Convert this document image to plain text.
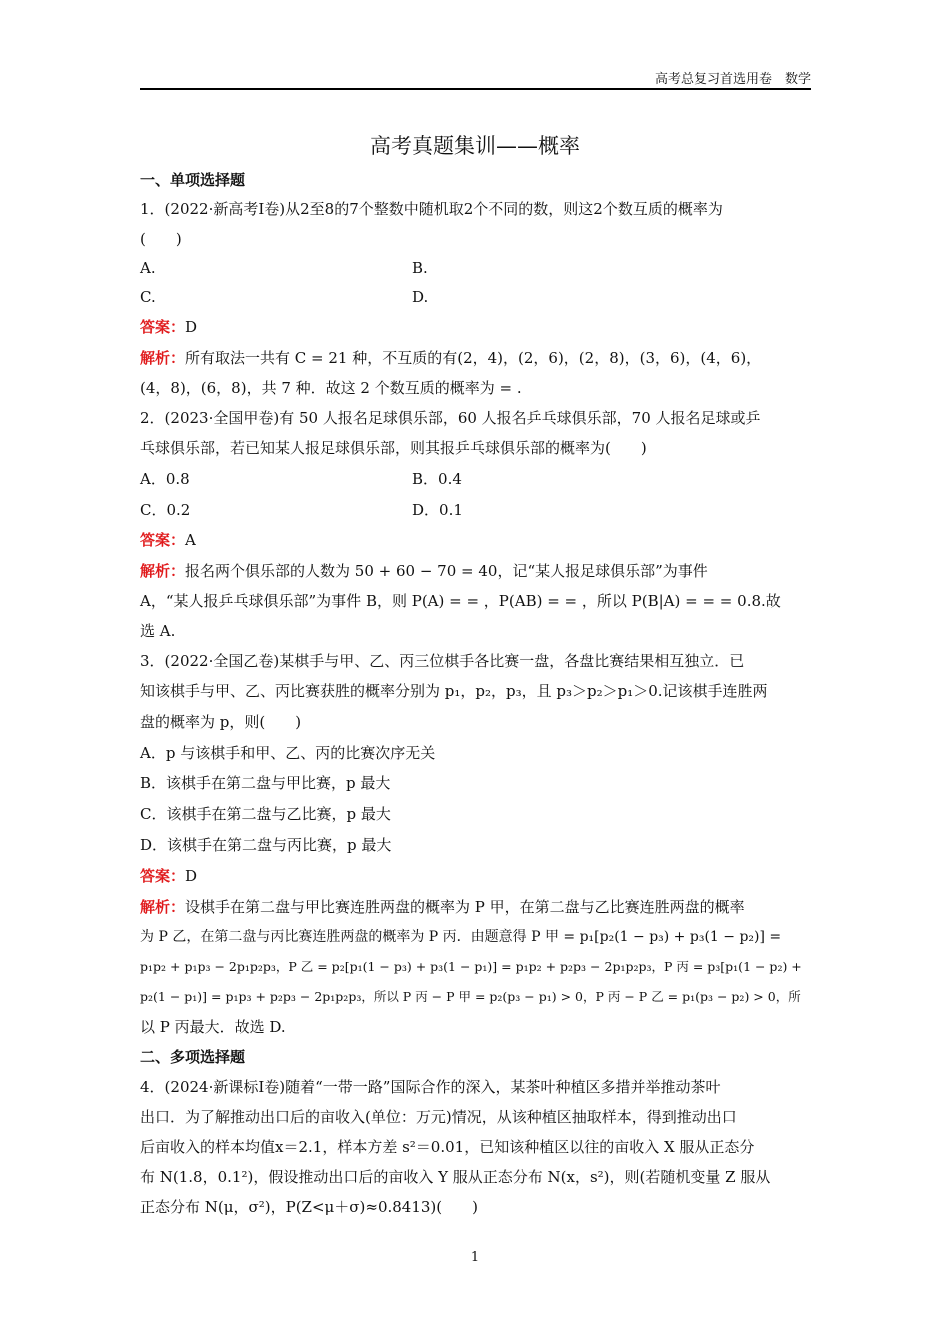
高考总复习首选用卷　数学
高考真题集训——概率
一、单项选择题
1．(2022·新高考Ⅰ卷)从2至8的7个整数中随机取2个不同的数，则这2个数互质的概率为
(　　)
A.	B.
C.	D.
答案：D
解析：所有取法一共有 C = 21 种，不互质的有(2，4)，(2，6)，(2，8)，(3，6)，(4，6)，
(4，8)，(6，8)，共 7 种．故这 2 个数互质的概率为 = .
2．(2023·全国甲卷)有 50 人报名足球俱乐部，60 人报名乒乓球俱乐部，70 人报名足球或乒
乓球俱乐部，若已知某人报足球俱乐部，则其报乒乓球俱乐部的概率为(　　)
A．0.8	B．0.4
C．0.2	D．0.1
答案：A
解析：报名两个俱乐部的人数为 50 + 60 − 70 = 40，记“某人报足球俱乐部”为事件
A，“某人报乒乓球俱乐部”为事件 B，则 P(A) = = ，P(AB) = = ，所以 P(B|A) = = = 0.8.故
选 A.
3．(2022·全国乙卷)某棋手与甲、乙、丙三位棋手各比赛一盘，各盘比赛结果相互独立．已
知该棋手与甲、乙、丙比赛获胜的概率分别为 p₁，p₂，p₃，且 p₃＞p₂＞p₁＞0.记该棋手连胜两
盘的概率为 p，则(　　)
A．p 与该棋手和甲、乙、丙的比赛次序无关
B．该棋手在第二盘与甲比赛，p 最大
C．该棋手在第二盘与乙比赛，p 最大
D．该棋手在第二盘与丙比赛，p 最大
答案：D
解析：设棋手在第二盘与甲比赛连胜两盘的概率为 P 甲，在第二盘与乙比赛连胜两盘的概率
为 P 乙，在第二盘与丙比赛连胜两盘的概率为 P 丙．由题意得 P 甲 = p₁[p₂(1 − p₃) + p₃(1 − p₂)] =
p₁p₂ + p₁p₃ − 2p₁p₂p₃，P 乙 = p₂[p₁(1 − p₃) + p₃(1 − p₁)] = p₁p₂ + p₂p₃ − 2p₁p₂p₃，P 丙 = p₃[p₁(1 − p₂) +
p₂(1 − p₁)] = p₁p₃ + p₂p₃ − 2p₁p₂p₃，所以 P 丙 − P 甲 = p₂(p₃ − p₁) > 0，P 丙 − P 乙 = p₁(p₃ − p₂) > 0，所
以 P 丙最大．故选 D.
二、多项选择题
4．(2024·新课标Ⅰ卷)随着“一带一路”国际合作的深入，某茶叶种植区多措并举推动茶叶
出口．为了解推动出口后的亩收入(单位：万元)情况，从该种植区抽取样本，得到推动出口
后亩收入的样本均值x＝2.1，样本方差 s²＝0.01，已知该种植区以往的亩收入 X 服从正态分
布 N(1.8，0.1²)，假设推动出口后的亩收入 Y 服从正态分布 N(x，s²)，则(若随机变量 Z 服从
正态分布 N(μ，σ²)，P(Z<μ＋σ)≈0.8413)(　　)
1
